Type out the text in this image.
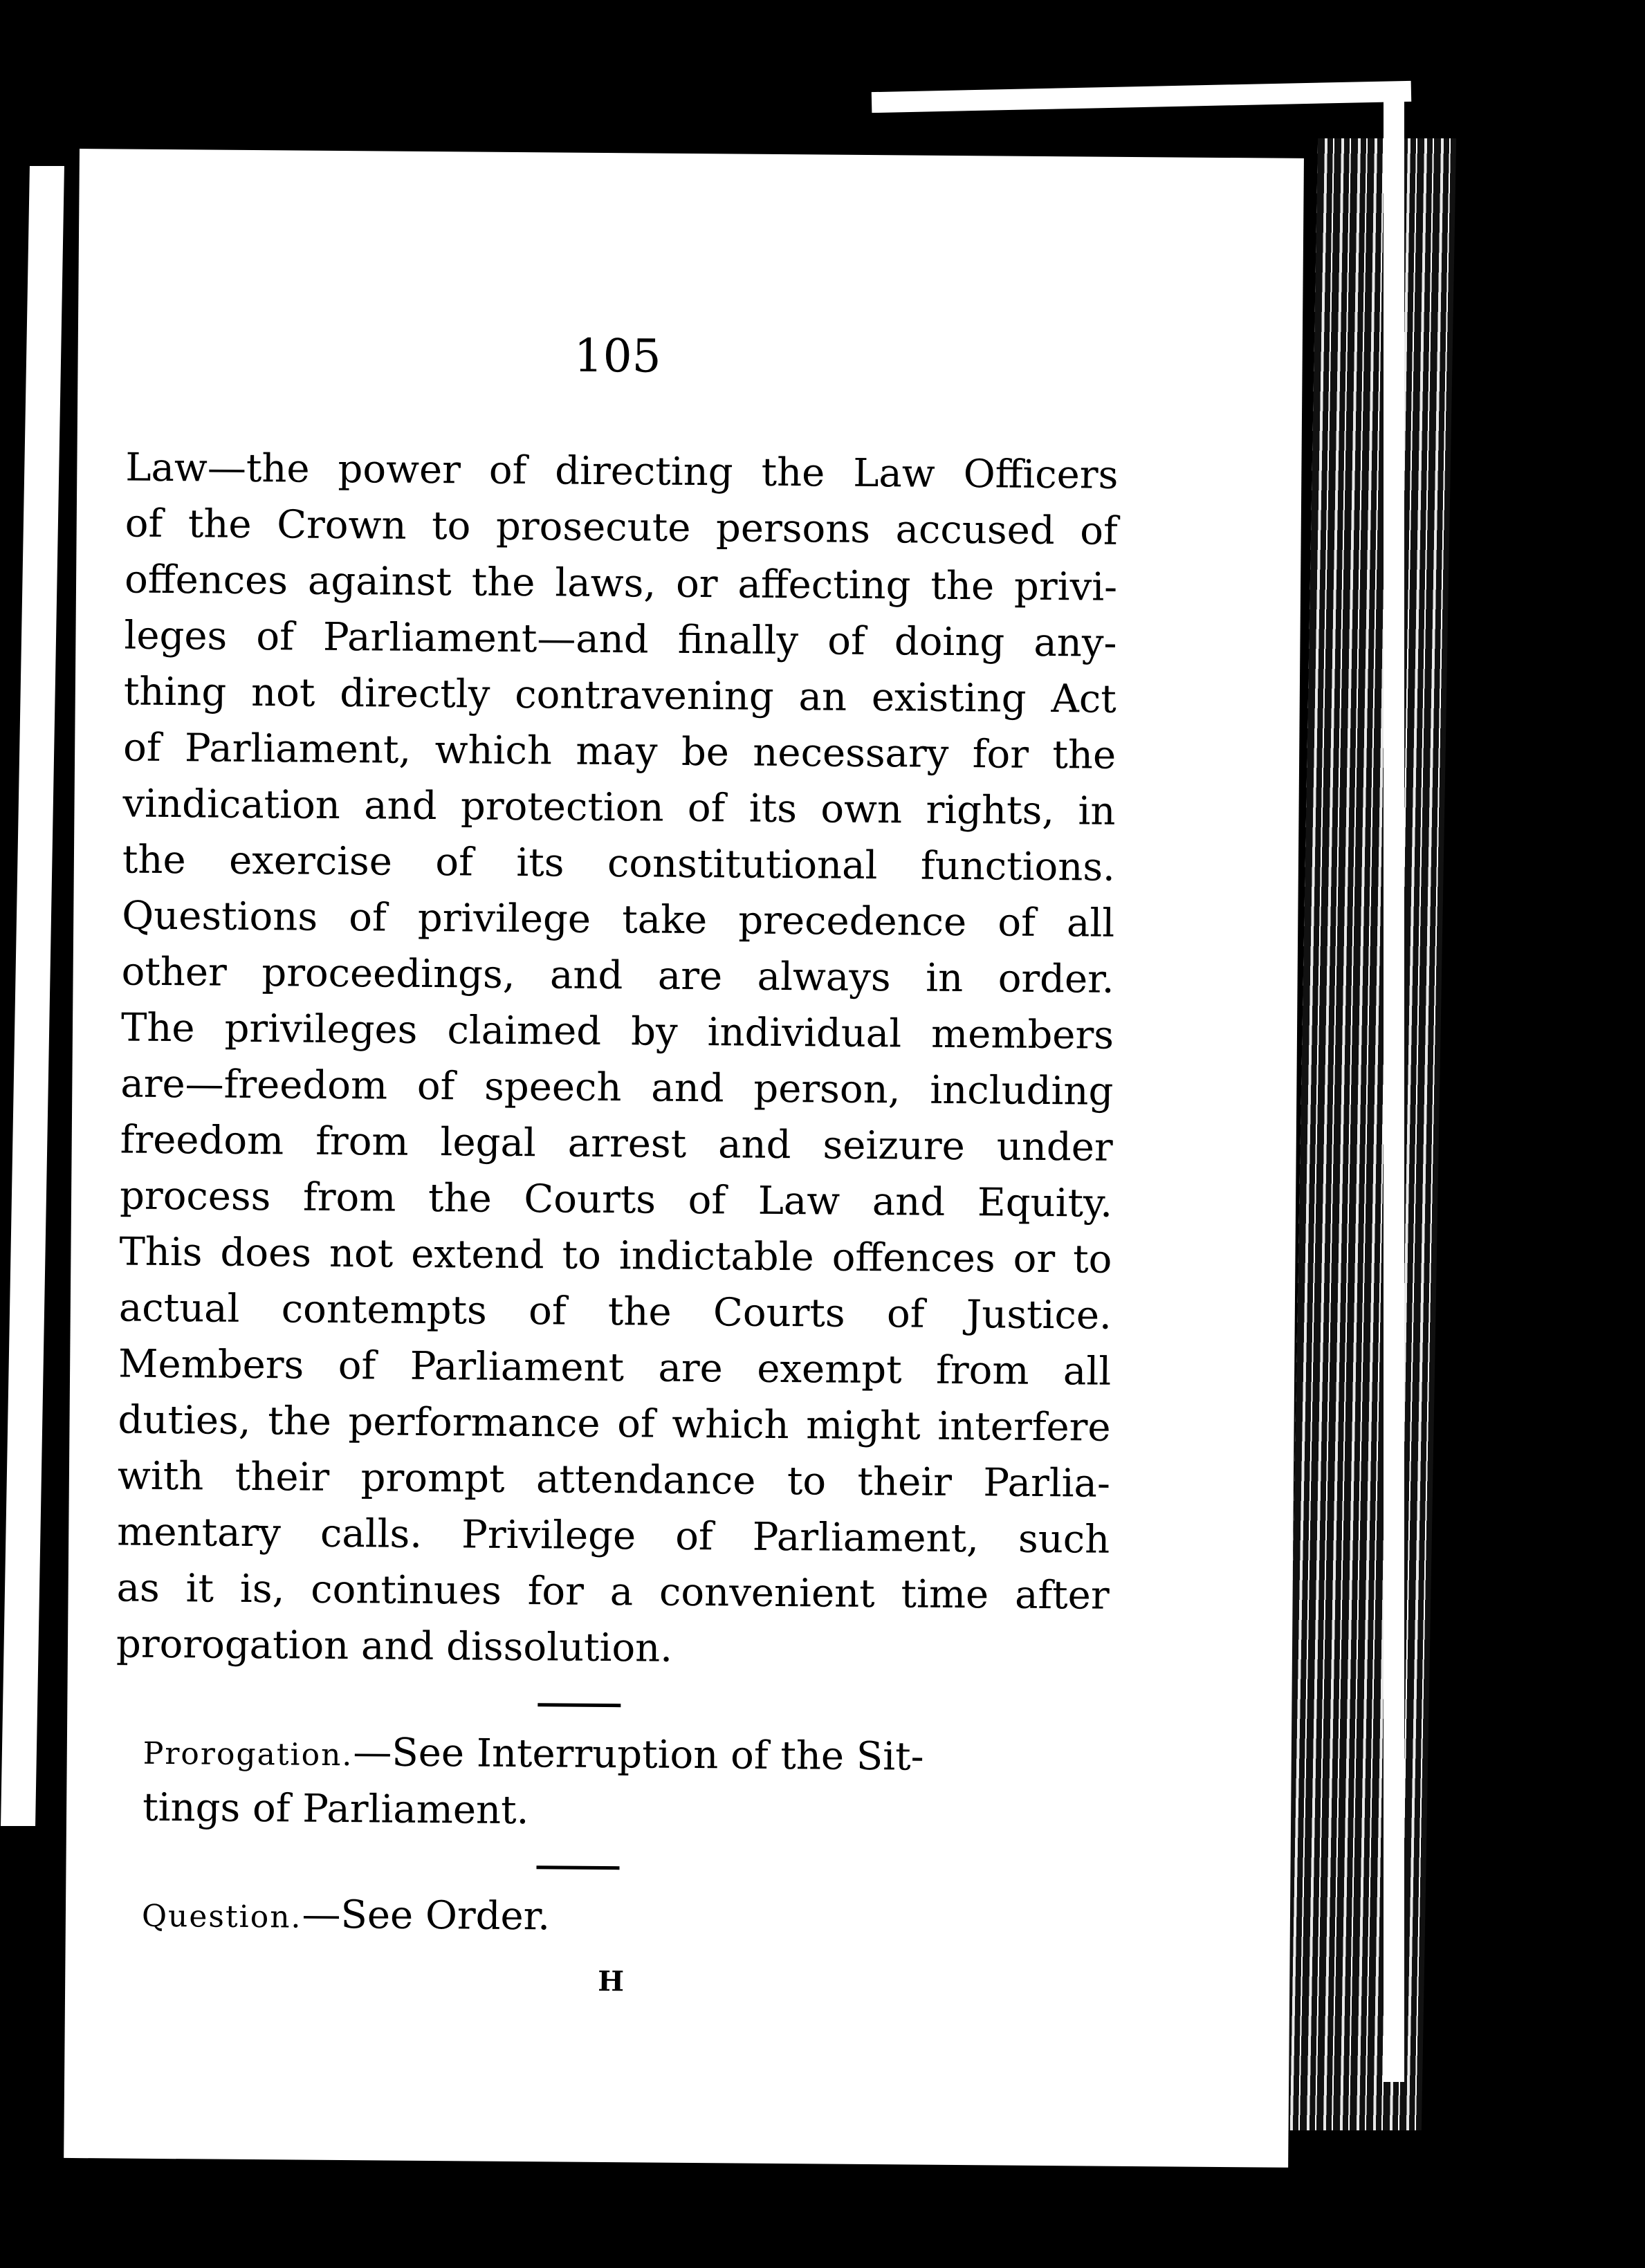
105
Law—the power of directing the Law Officers
of the Crown to prosecute persons accused of
offences against the laws, or affecting the privi-
leges of Parliament—and finally of doing any-
thing not directly contravening an existing Act
of Parliament, which may be necessary for the
vindication and protection of its own rights, in
the exercise of its constitutional functions.
Questions of privilege take precedence of all
other proceedings, and are always in order.
The privileges claimed by individual members
are—freedom of speech and person, including
freedom from legal arrest and seizure under
process from the Courts of Law and Equity.
This does not extend to indictable offences or to
actual contempts of the Courts of Justice.
Members of Parliament are exempt from all
duties, the performance of which might interfere
with their prompt attendance to their Parlia-
mentary calls. Privilege of Parliament, such
as it is, continues for a convenient time after
prorogation and dissolution.
Prorogation.—See Interruption of the Sit-
tings of Parliament.
Question.—See Order.
H
